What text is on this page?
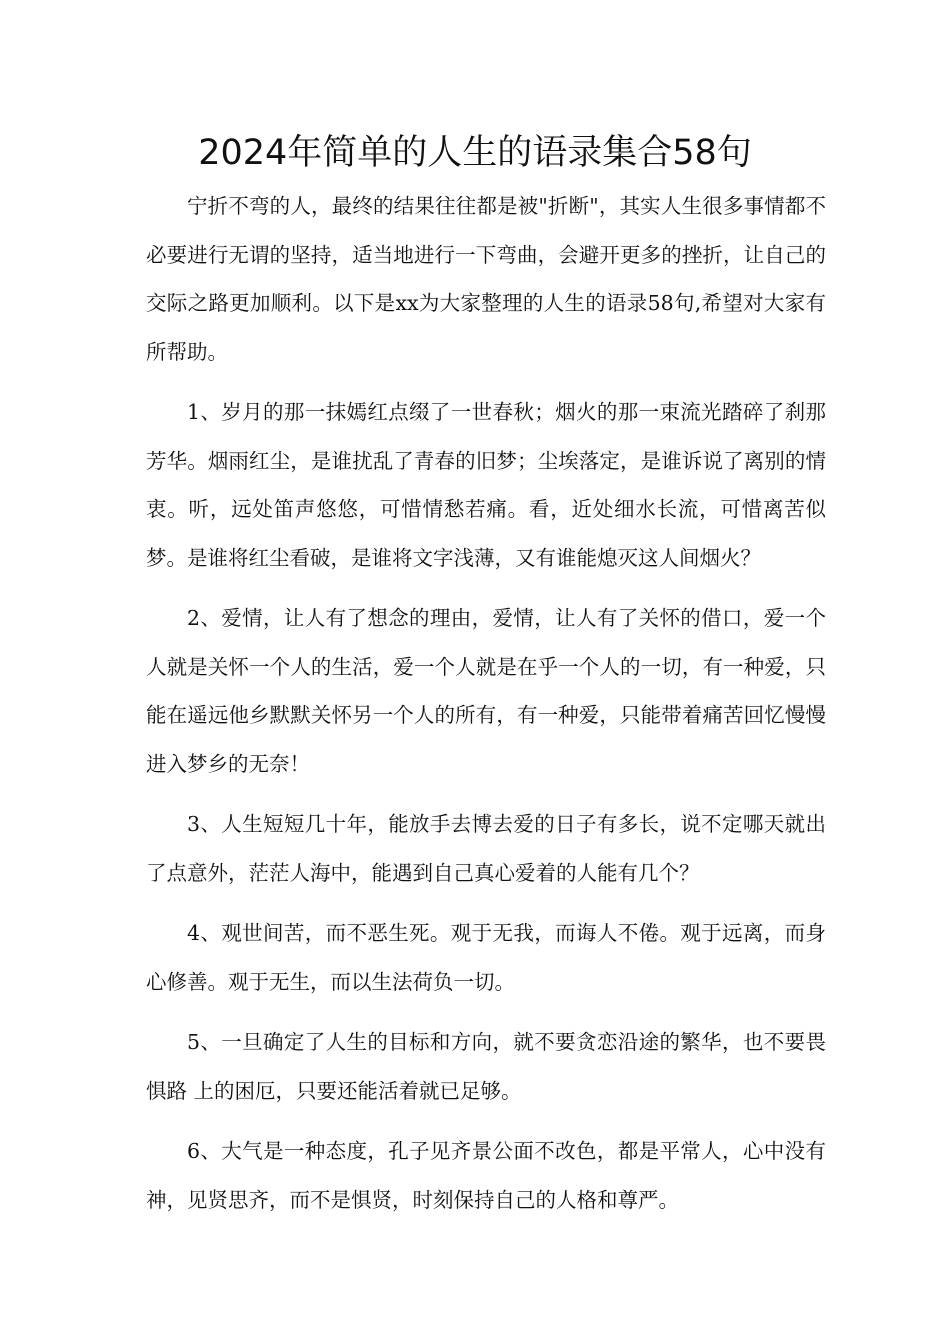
2024年简单的人生的语录集合58句

宁折不弯的人，最终的结果往往都是被"折断"，其实人生很多事情都不必要进行无谓的坚持，适当地进行一下弯曲，会避开更多的挫折，让自己的交际之路更加顺利。以下是xx为大家整理的人生的语录58句,希望对大家有所帮助。

1、岁月的那一抹嫣红点缀了一世春秋；烟火的那一束流光踏碎了刹那芳华。烟雨红尘，是谁扰乱了青春的旧梦；尘埃落定，是谁诉说了离别的情衷。听，远处笛声悠悠，可惜情愁若痛。看，近处细水长流，可惜离苦似梦。是谁将红尘看破，是谁将文字浅薄，又有谁能熄灭这人间烟火？

2、爱情，让人有了想念的理由，爱情，让人有了关怀的借口，爱一个人就是关怀一个人的生活，爱一个人就是在乎一个人的一切，有一种爱，只能在遥远他乡默默关怀另一个人的所有，有一种爱，只能带着痛苦回忆慢慢进入梦乡的无奈！

3、人生短短几十年，能放手去博去爱的日子有多长，说不定哪天就出了点意外，茫茫人海中，能遇到自己真心爱着的人能有几个？

4、观世间苦，而不恶生死。观于无我，而诲人不倦。观于远离，而身心修善。观于无生，而以生法荷负一切。

5、一旦确定了人生的目标和方向，就不要贪恋沿途的繁华，也不要畏惧路 上的困厄，只要还能活着就已足够。

6、大气是一种态度，孔子见齐景公面不改色，都是平常人，心中没有神，见贤思齐，而不是惧贤，时刻保持自己的人格和尊严。
